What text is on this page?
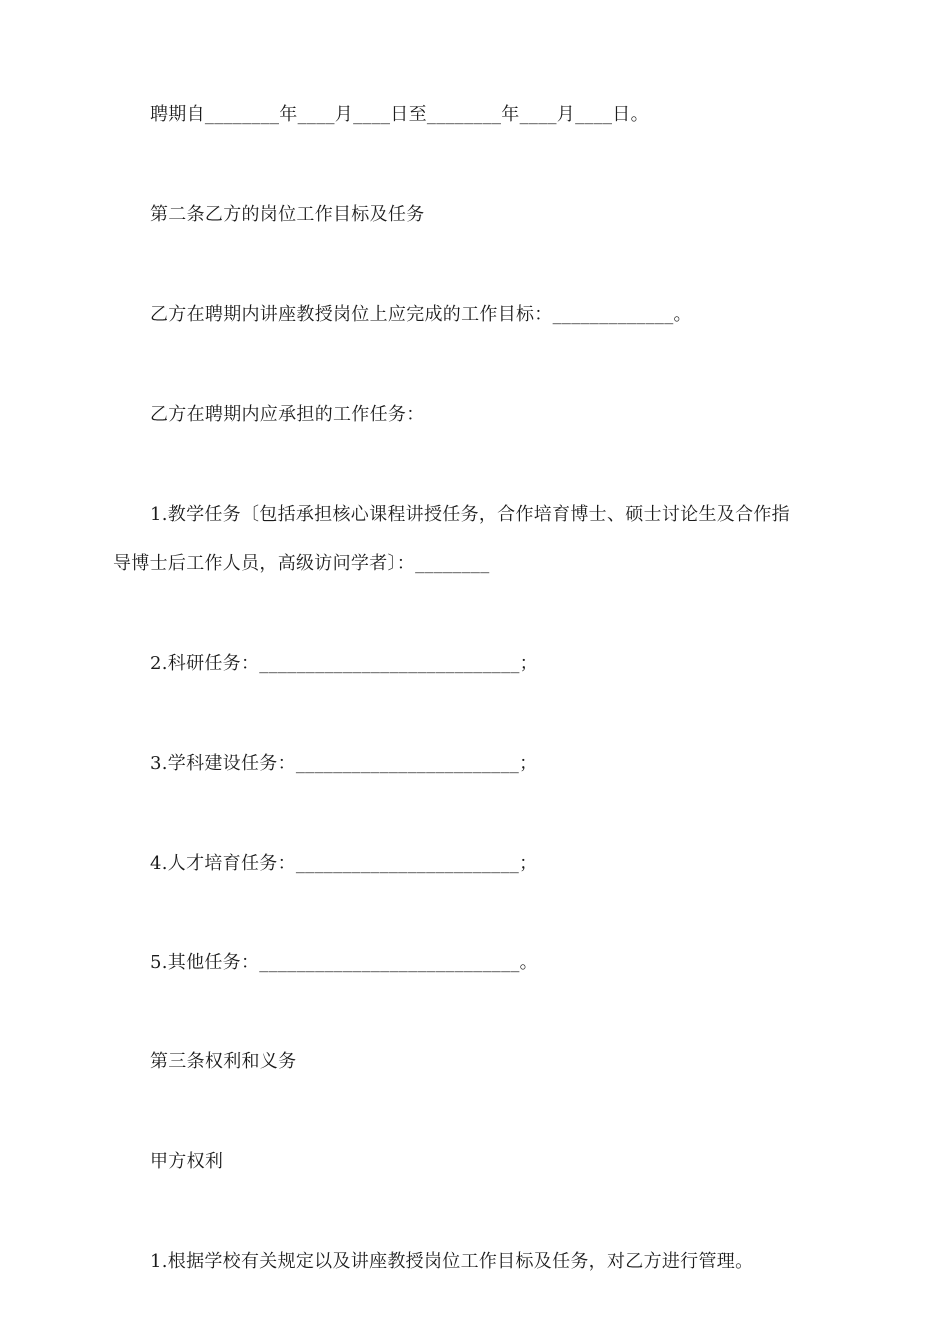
聘期自________年____月____日至________年____月____日。
第二条乙方的岗位工作目标及任务
乙方在聘期内讲座教授岗位上应完成的工作目标：_____________。
乙方在聘期内应承担的工作任务：
1.教学任务〔包括承担核心课程讲授任务，合作培育博士、硕士讨论生及合作指
导博士后工作人员，高级访问学者〕：________
2.科研任务：____________________________；
3.学科建设任务：________________________；
4.人才培育任务：________________________；
5.其他任务：____________________________。
第三条权利和义务
甲方权利
1.根据学校有关规定以及讲座教授岗位工作目标及任务，对乙方进行管理。
